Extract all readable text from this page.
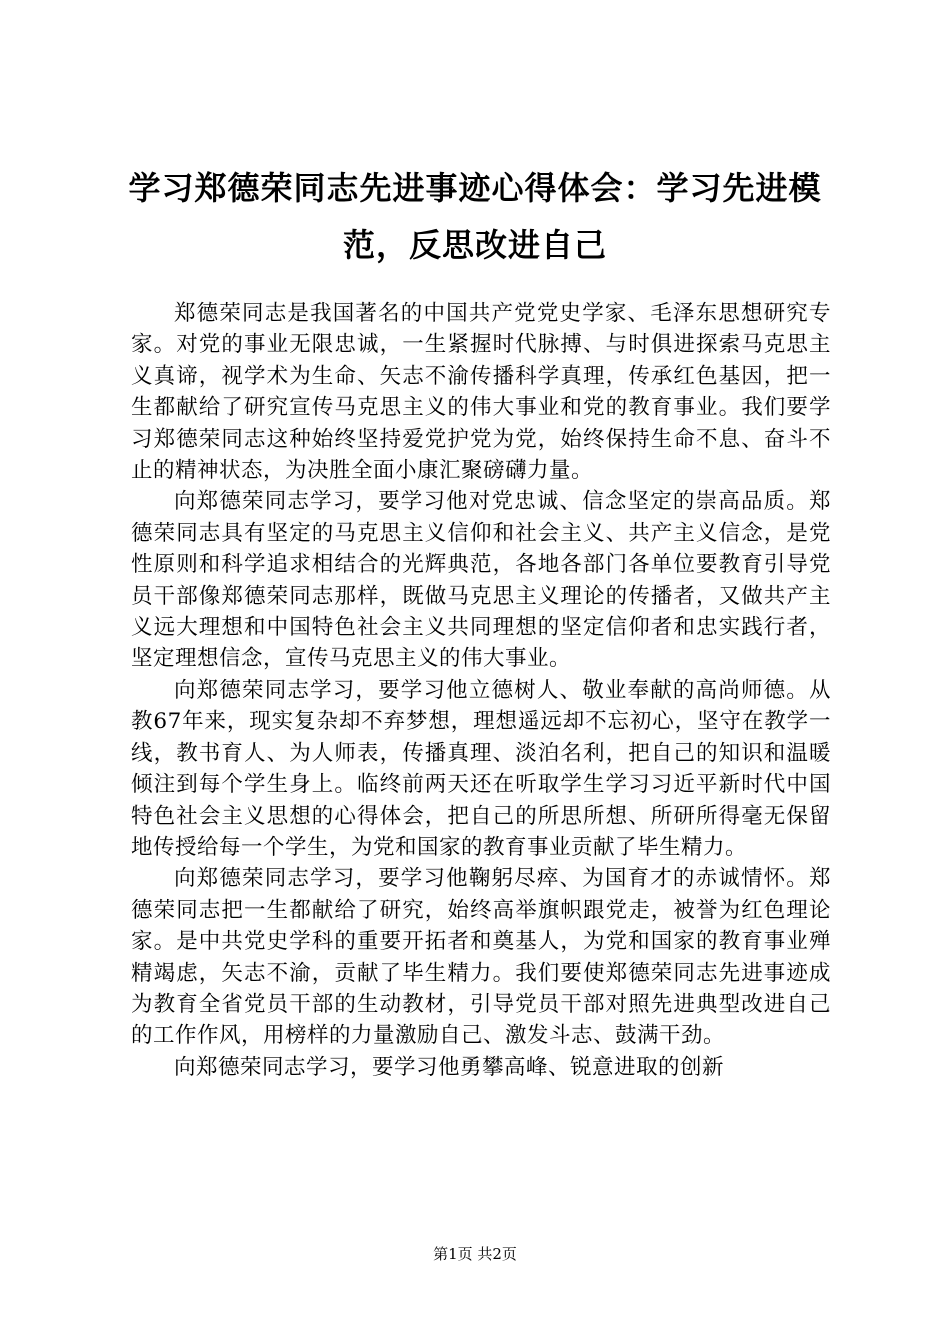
学习郑德荣同志先进事迹心得体会：学习先进模范，反思改进自己

郑德荣同志是我国著名的中国共产党党史学家、毛泽东思想研究专家。对党的事业无限忠诚，一生紧握时代脉搏、与时俱进探索马克思主义真谛，视学术为生命、矢志不渝传播科学真理，传承红色基因，把一生都献给了研究宣传马克思主义的伟大事业和党的教育事业。我们要学习郑德荣同志这种始终坚持爱党护党为党，始终保持生命不息、奋斗不止的精神状态，为决胜全面小康汇聚磅礴力量。

向郑德荣同志学习，要学习他对党忠诚、信念坚定的崇高品质。郑德荣同志具有坚定的马克思主义信仰和社会主义、共产主义信念，是党性原则和科学追求相结合的光辉典范，各地各部门各单位要教育引导党员干部像郑德荣同志那样，既做马克思主义理论的传播者，又做共产主义远大理想和中国特色社会主义共同理想的坚定信仰者和忠实践行者，坚定理想信念，宣传马克思主义的伟大事业。

向郑德荣同志学习，要学习他立德树人、敬业奉献的高尚师德。从教67年来，现实复杂却不弃梦想，理想遥远却不忘初心，坚守在教学一线，教书育人、为人师表，传播真理、淡泊名利，把自己的知识和温暖倾注到每个学生身上。临终前两天还在听取学生学习习近平新时代中国特色社会主义思想的心得体会，把自己的所思所想、所研所得毫无保留地传授给每一个学生，为党和国家的教育事业贡献了毕生精力。

向郑德荣同志学习，要学习他鞠躬尽瘁、为国育才的赤诚情怀。郑德荣同志把一生都献给了研究，始终高举旗帜跟党走，被誉为红色理论家。是中共党史学科的重要开拓者和奠基人，为党和国家的教育事业殚精竭虑，矢志不渝，贡献了毕生精力。我们要使郑德荣同志先进事迹成为教育全省党员干部的生动教材，引导党员干部对照先进典型改进自己的工作作风，用榜样的力量激励自己、激发斗志、鼓满干劲。

向郑德荣同志学习，要学习他勇攀高峰、锐意进取的创新

第1页 共2页
